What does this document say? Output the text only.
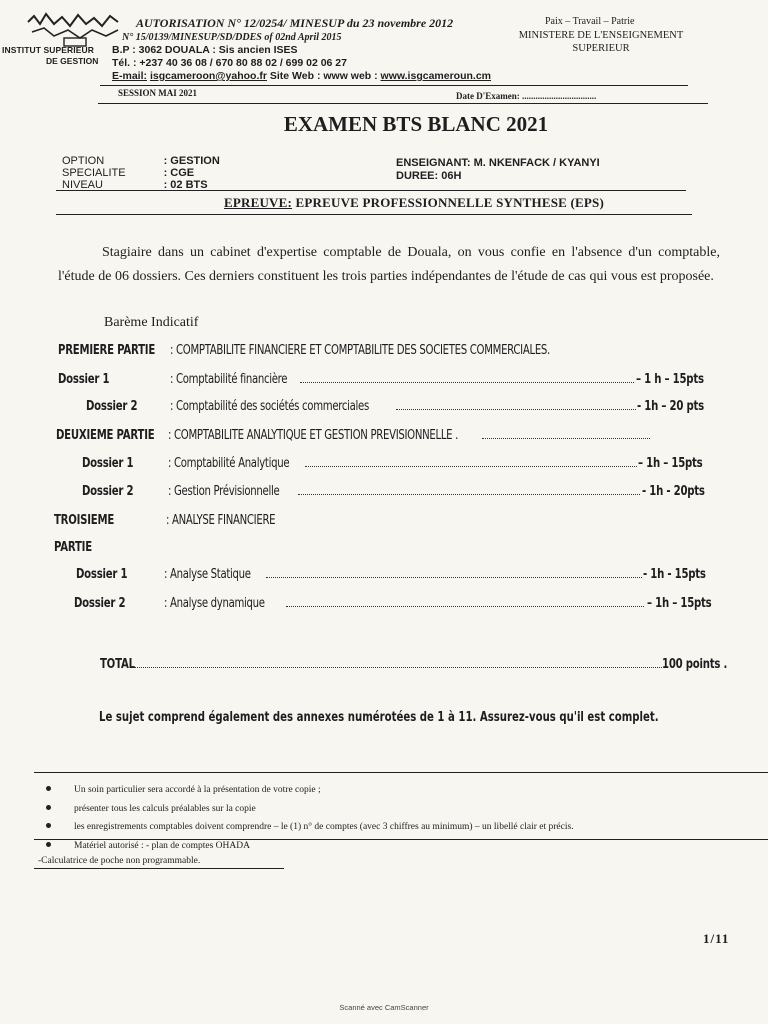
INSTITUT SUPERIEUR
DE GESTION
AUTORISATION N° 12/0254/ MINESUP du 23 novembre 2012
N° 15/0139/MINESUP/SD/DDES of 02nd April 2015
B.P : 3062 DOUALA : Sis ancien ISES
Tél. : +237 40 36 08 / 670 80 88 02 / 699 02 06 27
E-mail: isgcameroon@yahoo.fr Site Web : www web : www.isgcameroun.cm
Paix – Travail – Patrie
MINISTERE DE L'ENSEIGNEMENT
SUPERIEUR
SESSION MAI 2021	Date D'Examen: .................................
EXAMEN BTS BLANC 2021
OPTION	: GESTION
SPECIALITE	: CGE
NIVEAU	: 02 BTS
ENSEIGNANT: M. NKENFACK / KYANYI
DUREE: 06H
EPREUVE: EPREUVE PROFESSIONNELLE SYNTHESE (EPS)
Stagiaire dans un cabinet d'expertise comptable de Douala, on vous confie en l'absence d'un comptable, l'étude de 06 dossiers. Ces derniers constituent les trois parties indépendantes de l'étude de cas qui vous est proposée.
Barème Indicatif
PREMIERE PARTIE : COMPTABILITE FINANCIERE ET COMPTABILITE DES SOCIETES COMMERCIALES.
Dossier 1	: Comptabilité financière	– 1 h – 15pts
Dossier 2	: Comptabilité des sociétés commerciales	- 1h – 20 pts
DEUXIEME PARTIE : COMPTABILITE ANALYTIQUE ET GESTION PREVISIONNELLE .
Dossier 1	: Comptabilité Analytique	– 1h – 15pts
Dossier 2	: Gestion Prévisionnelle	- 1h - 20pts
TROISIEME	: ANALYSE FINANCIERE
PARTIE
Dossier 1	: Analyse Statique	- 1h - 15pts
Dossier 2	: Analyse dynamique	– 1h – 15pts
TOTAL	100 points .
Le sujet comprend également des annexes numérotées de 1 à 11. Assurez-vous qu'il est complet.
Un soin particulier sera accordé à la présentation de votre copie ;
présenter tous les calculs préalables sur la copie
les enregistrements comptables doivent comprendre – le (1) n° de comptes (avec 3 chiffres au minimum) – un libellé clair et précis.
Matériel autorisé : - plan de comptes OHADA
-Calculatrice de poche non programmable.
1/11
Scanné avec CamScanner
